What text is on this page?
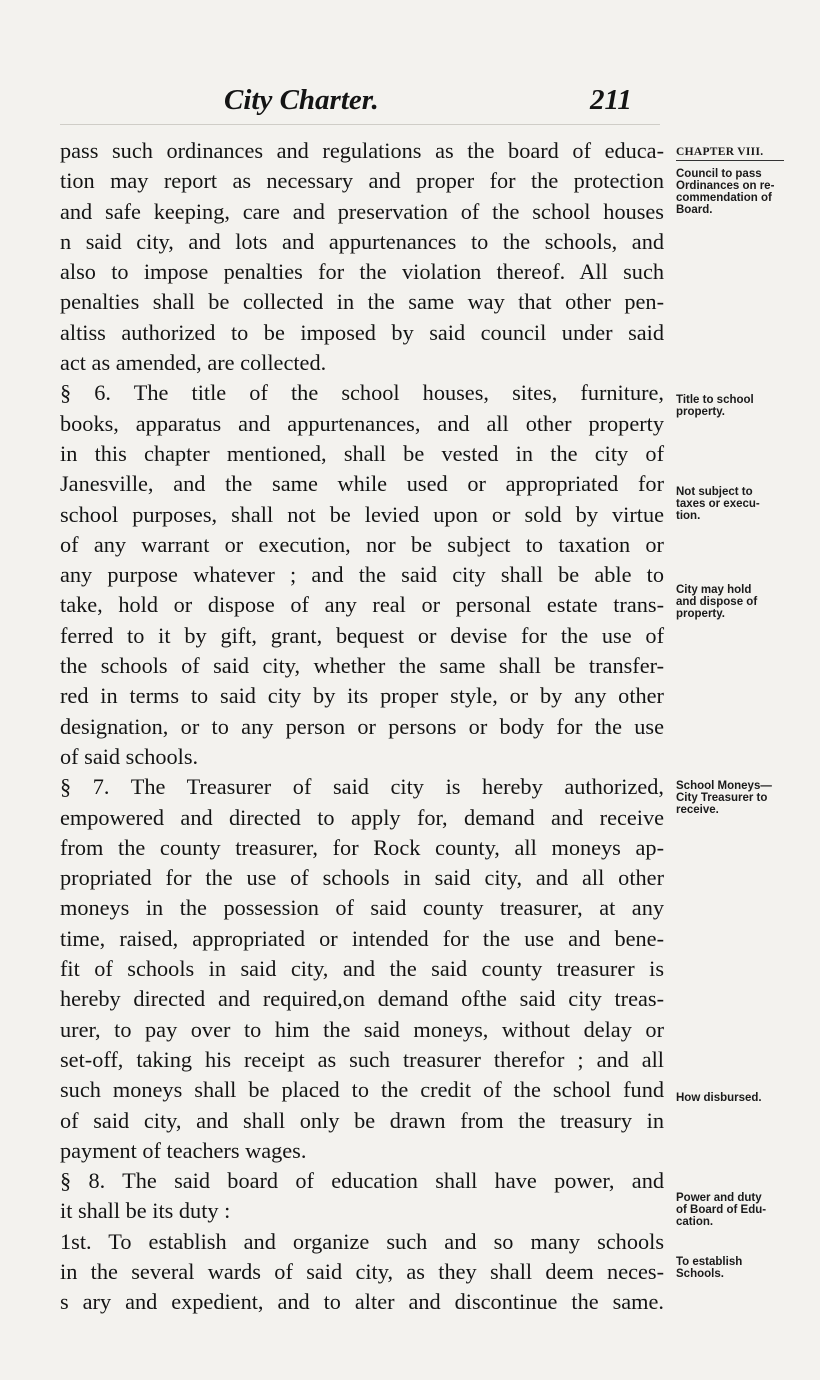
City Charter.	211
pass such ordinances and regulations as the board of educa-
tion may report as necessary and proper for the protection
and safe keeping, care and preservation of the school houses
n said city, and lots and appurtenances to the schools, and
also to impose penalties for the violation thereof. All such
penalties shall be collected in the same way that other pen-
altiss authorized to be imposed by said council under said
act as amended, are collected.
§ 6. The title of the school houses, sites, furniture,
books, apparatus and appurtenances, and all other property
in this chapter mentioned, shall be vested in the city of
Janesville, and the same while used or appropriated for
school purposes, shall not be levied upon or sold by virtue
of any warrant or execution, nor be subject to taxation or
any purpose whatever ; and the said city shall be able to
take, hold or dispose of any real or personal estate trans-
ferred to it by gift, grant, bequest or devise for the use of
the schools of said city, whether the same shall be transfer-
red in terms to said city by its proper style, or by any other
designation, or to any person or persons or body for the use
of said schools.
§ 7. The Treasurer of said city is hereby authorized,
empowered and directed to apply for, demand and receive
from the county treasurer, for Rock county, all moneys ap-
propriated for the use of schools in said city, and all other
moneys in the possession of said county treasurer, at any
time, raised, appropriated or intended for the use and bene-
fit of schools in said city, and the said county treasurer is
hereby directed and required,on demand ofthe said city treas-
urer, to pay over to him the said moneys, without delay or
set-off, taking his receipt as such treasurer therefor ; and all
such moneys shall be placed to the credit of the school fund
of said city, and shall only be drawn from the treasury in
payment of teachers wages.
§ 8. The said board of education shall have power, and
it shall be its duty :
1st. To establish and organize such and so many schools
in the several wards of said city, as they shall deem neces-
s ary and expedient, and to alter and discontinue the same.
CHAPTER VIII.
Council to pass
Ordinances on re-
commendation of
Board.
Title to school
property.
Not subject to
taxes or execu-
tion.
City may hold
and dispose of
property.
School Moneys—
City Treasurer to
receive.
How disbursed.
Power and duty
of Board of Edu-
cation.
To establish
Schools.
